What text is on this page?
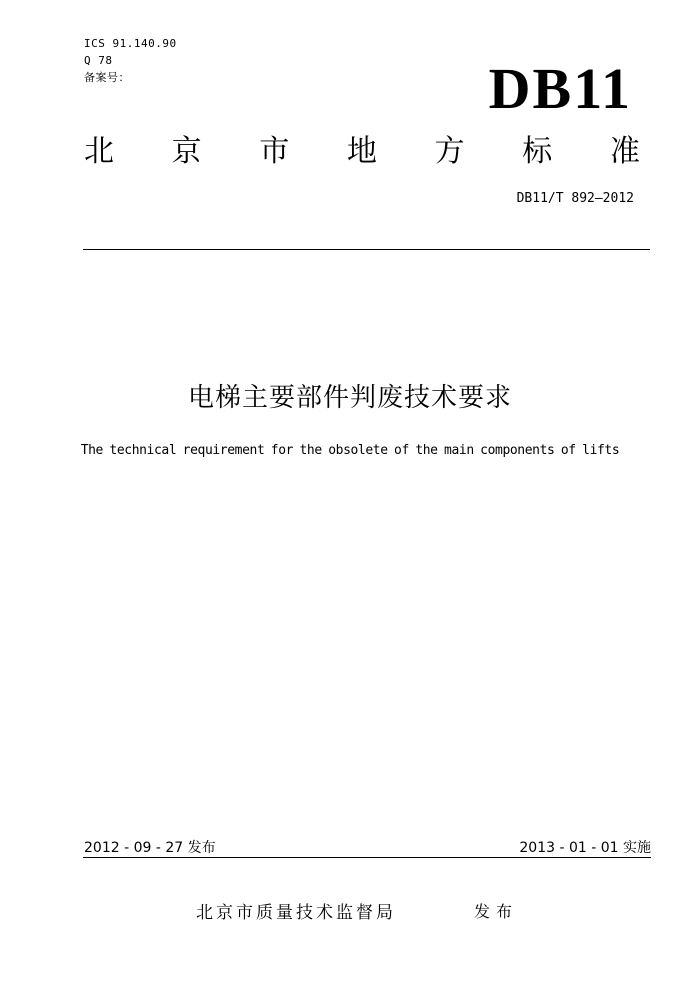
ICS 91.140.90
Q 78
备案号：	DB11
北 京 市 地 方 标 准
DB11/T 892—2012
电梯主要部件判废技术要求
The technical requirement for the obsolete of the main components of lifts
2012 - 09 - 27 发布	2013 - 01 - 01 实施
北京市质量技术监督局	发布
